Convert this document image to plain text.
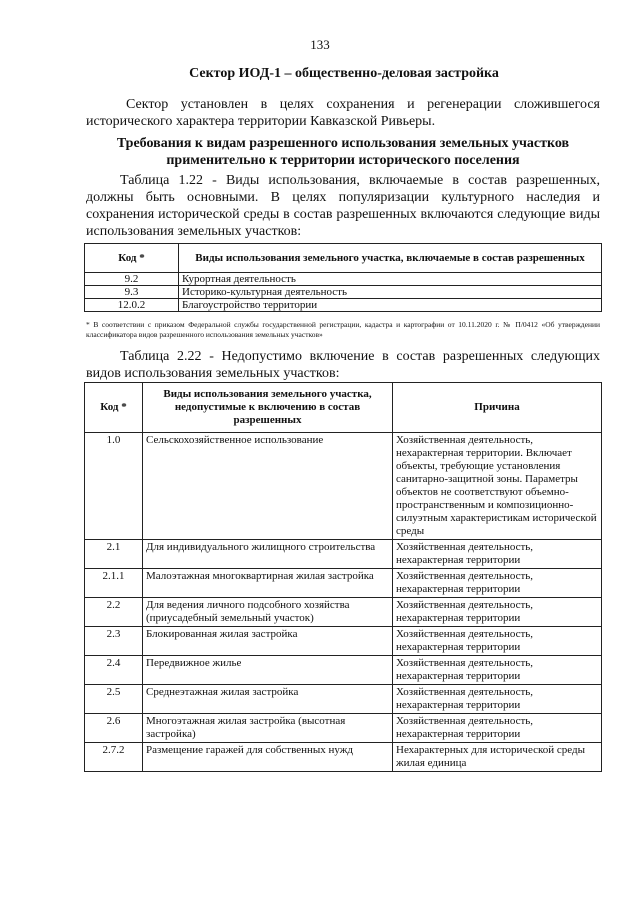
133
Сектор ИОД-1 – общественно-деловая застройка
Сектор установлен в целях сохранения и регенерации сложившегося исторического характера территории Кавказской Ривьеры.
Требования к видам разрешенного использования земельных участков применительно к территории исторического поселения
Таблица 1.22 - Виды использования, включаемые в состав разрешенных, должны быть основными. В целях популяризации культурного наследия и сохранения исторической среды в состав разрешенных включаются следующие виды использования земельных участков:
Код *	Виды использования земельного участка, включаемые в состав разрешенных
9.2	Курортная деятельность
9.3	Историко-культурная деятельность
12.0.2	Благоустройство территории
* В соответствии с приказом Федеральной службы государственной регистрации, кадастра и картографии от 10.11.2020 г. № П/0412 «Об утверждении классификатора видов разрешенного использования земельных участков»
Таблица 2.22 - Недопустимо включение в состав разрешенных следующих видов использования земельных участков:
Код *	Виды использования земельного участка, недопустимые к включению в состав разрешенных	Причина
1.0	Сельскохозяйственное использование	Хозяйственная деятельность, нехарактерная территории. Включает объекты, требующие установления санитарно-защитной зоны. Параметры объектов не соответствуют объемно-пространственным и композиционно-силуэтным характеристикам исторической среды
2.1	Для индивидуального жилищного строительства	Хозяйственная деятельность, нехарактерная территории
2.1.1	Малоэтажная многоквартирная жилая застройка	Хозяйственная деятельность, нехарактерная территории
2.2	Для ведения личного подсобного хозяйства (приусадебный земельный участок)	Хозяйственная деятельность, нехарактерная территории
2.3	Блокированная жилая застройка	Хозяйственная деятельность, нехарактерная территории
2.4	Передвижное жилье	Хозяйственная деятельность, нехарактерная территории
2.5	Среднеэтажная жилая застройка	Хозяйственная деятельность, нехарактерная территории
2.6	Многоэтажная жилая застройка (высотная застройка)	Хозяйственная деятельность, нехарактерная территории
2.7.2	Размещение гаражей для собственных нужд	Нехарактерных для исторической среды жилая единица
